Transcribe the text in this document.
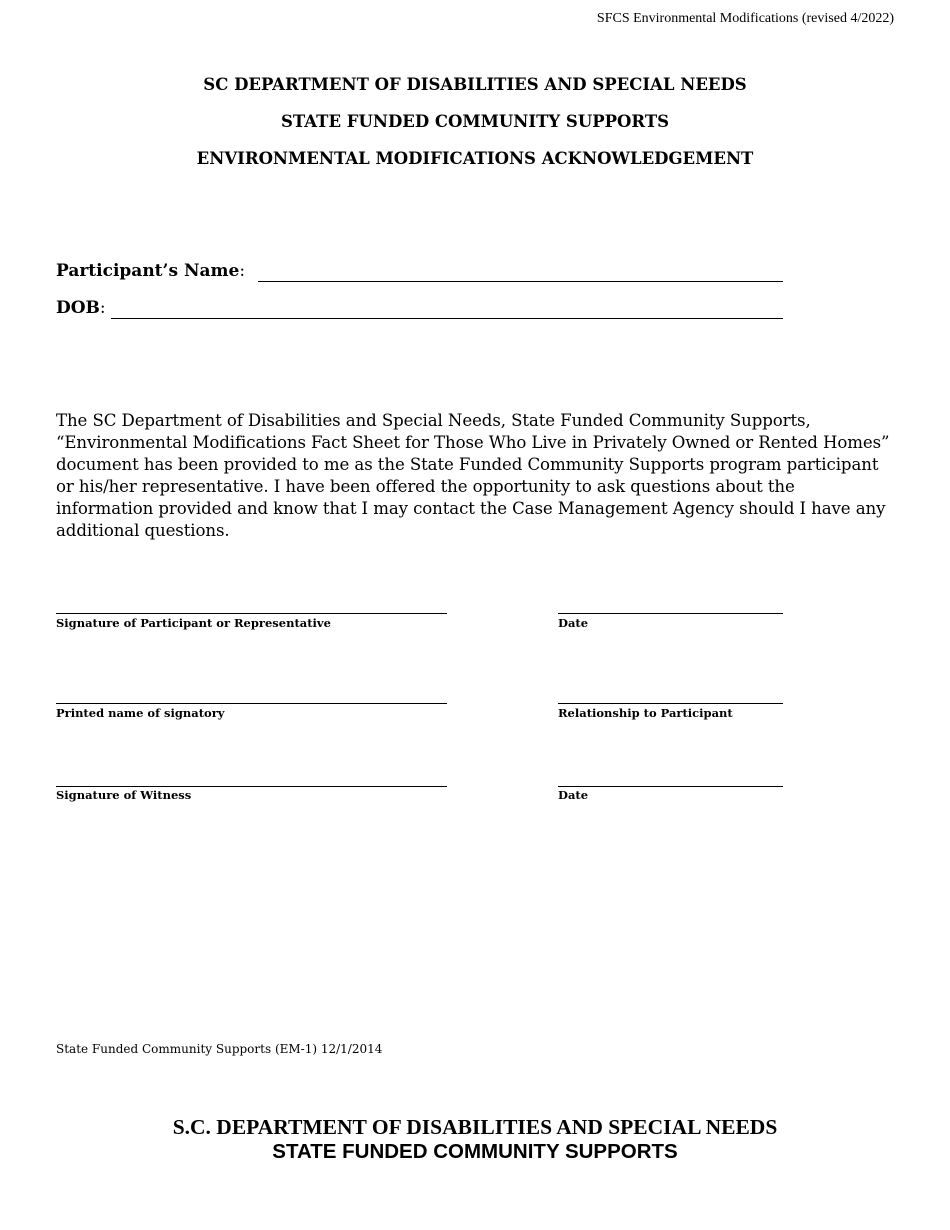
SFCS Environmental Modifications (revised 4/2022)
SC DEPARTMENT OF DISABILITIES AND SPECIAL NEEDS
STATE FUNDED COMMUNITY SUPPORTS
ENVIRONMENTAL MODIFICATIONS ACKNOWLEDGEMENT
Participant’s Name:
DOB:
The SC Department of Disabilities and Special Needs, State Funded Community Supports, “Environmental Modifications Fact Sheet for Those Who Live in Privately Owned or Rented Homes” document has been provided to me as the State Funded Community Supports program participant or his/her representative. I have been offered the opportunity to ask questions about the information provided and know that I may contact the Case Management Agency should I have any additional questions.
Signature of Participant or Representative	Date
Printed name of signatory	Relationship to Participant
Signature of Witness	Date
State Funded Community Supports (EM-1) 12/1/2014
S.C. DEPARTMENT OF DISABILITIES AND SPECIAL NEEDS
STATE FUNDED COMMUNITY SUPPORTS
